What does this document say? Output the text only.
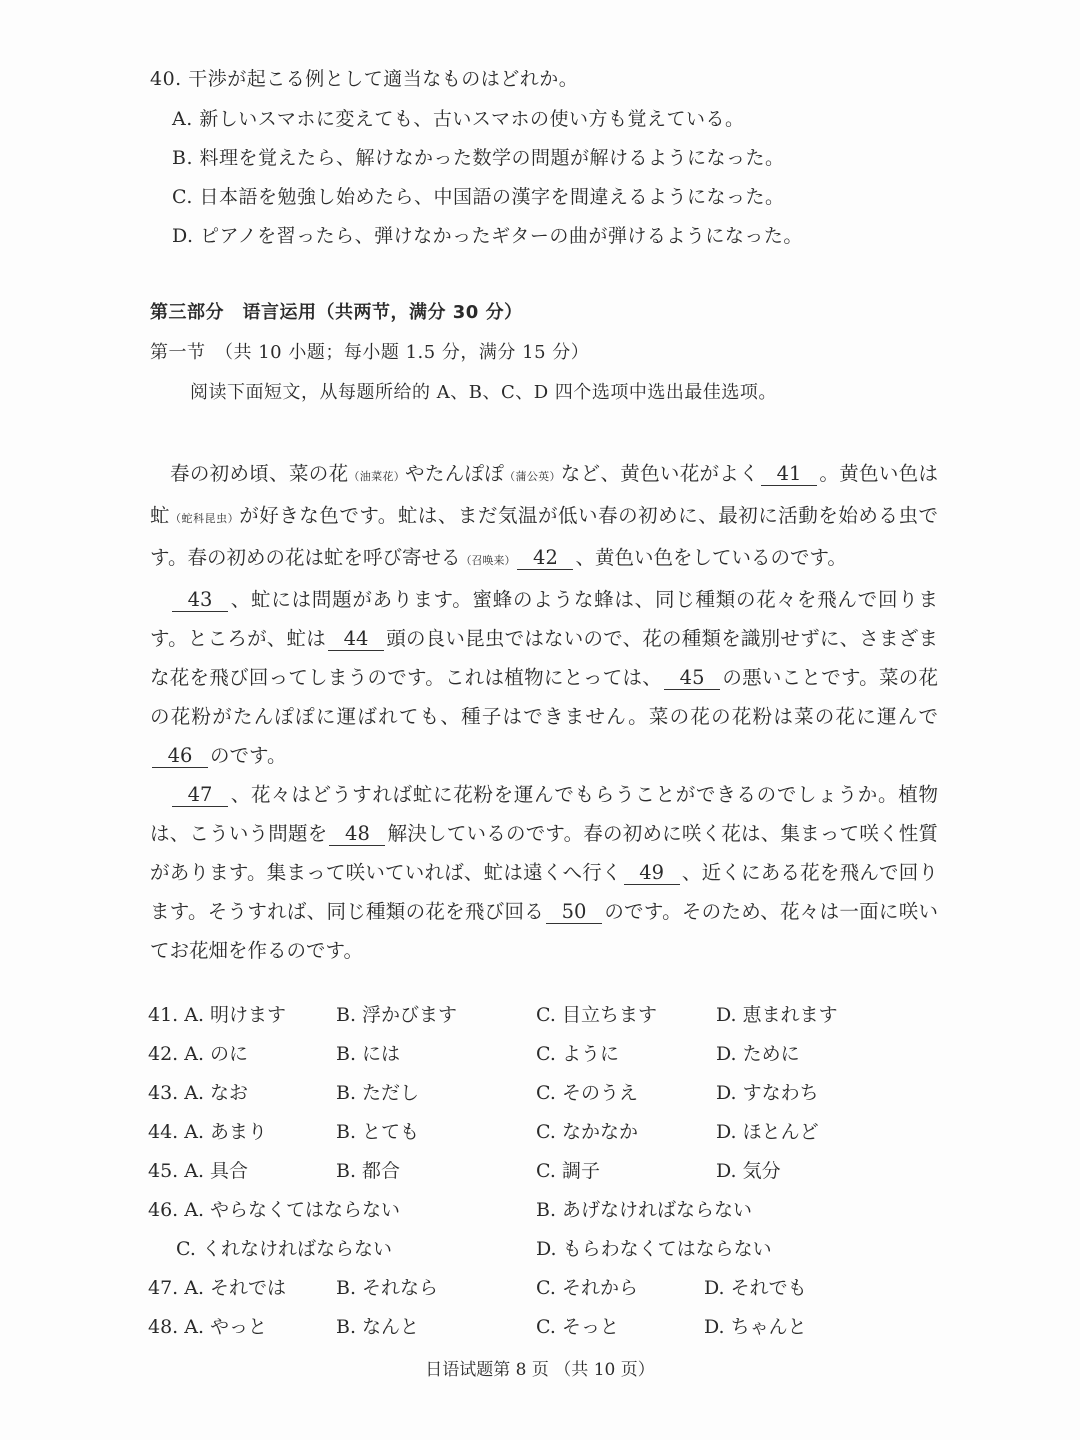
40. 干渉が起こる例として適当なものはどれか。
A. 新しいスマホに変えても、古いスマホの使い方も覚えている。
B. 料理を覚えたら、解けなかった数学の問題が解けるようになった。
C. 日本語を勉強し始めたら、中国語の漢字を間違えるようになった。
D. ピアノを習ったら、弾けなかったギターの曲が弾けるようになった。
第三部分　语言运用（共两节，满分 30 分）
第一节　（共 10 小题；每小题 1.5 分，满分 15 分）
阅读下面短文，从每题所给的 A、B、C、D 四个选项中选出最佳选项。

春の初め頃、菜の花（油菜花）やたんぽぽ（蒲公英）など、黄色い花がよく 41 。黄色い色は虻（蛇科昆虫）が好きな色です。虻は、まだ気温が低い春の初めに、最初に活動を始める虫です。春の初めの花は虻を呼び寄せる（召唤来） 42 、黄色い色をしているのです。

43 、虻には問題があります。蜜蜂のような蜂は、同じ種類の花々を飛んで回ります。ところが、虻は 44 頭の良い昆虫ではないので、花の種類を識別せずに、さまざまな花を飛び回ってしまうのです。これは植物にとっては、 45 の悪いことです。菜の花の花粉がたんぽぽに運ばれても、種子はできません。菜の花の花粉は菜の花に運んで46 のです。

47 、花々はどうすれば虻に花粉を運んでもらうことができるのでしょうか。植物は、こういう問題を 48 解決しているのです。春の初めに咲く花は、集まって咲く性質があります。集まって咲いていれば、虻は遠くへ行く 49 、近くにある花を飛んで回ります。そうすれば、同じ種類の花を飛び回る 50 のです。そのため、花々は一面に咲いてお花畑を作るのです。

41. A. 明けます	B. 浮かびます	C. 目立ちます	D. 恵まれます
42. A. のに	B. には	C. ように	D. ために
43. A. なお	B. ただし	C. そのうえ	D. すなわち
44. A. あまり	B. とても	C. なかなか	D. ほとんど
45. A. 具合	B. 都合	C. 調子	D. 気分
46. A. やらなくてはならない	B. あげなければならない
C. くれなければならない	D. もらわなくてはならない
47. A. それでは	B. それなら	C. それから	D. それでも
48. A. やっと	B. なんと	C. そっと	D. ちゃんと
日语试题第 8 页 （共 10 页）
